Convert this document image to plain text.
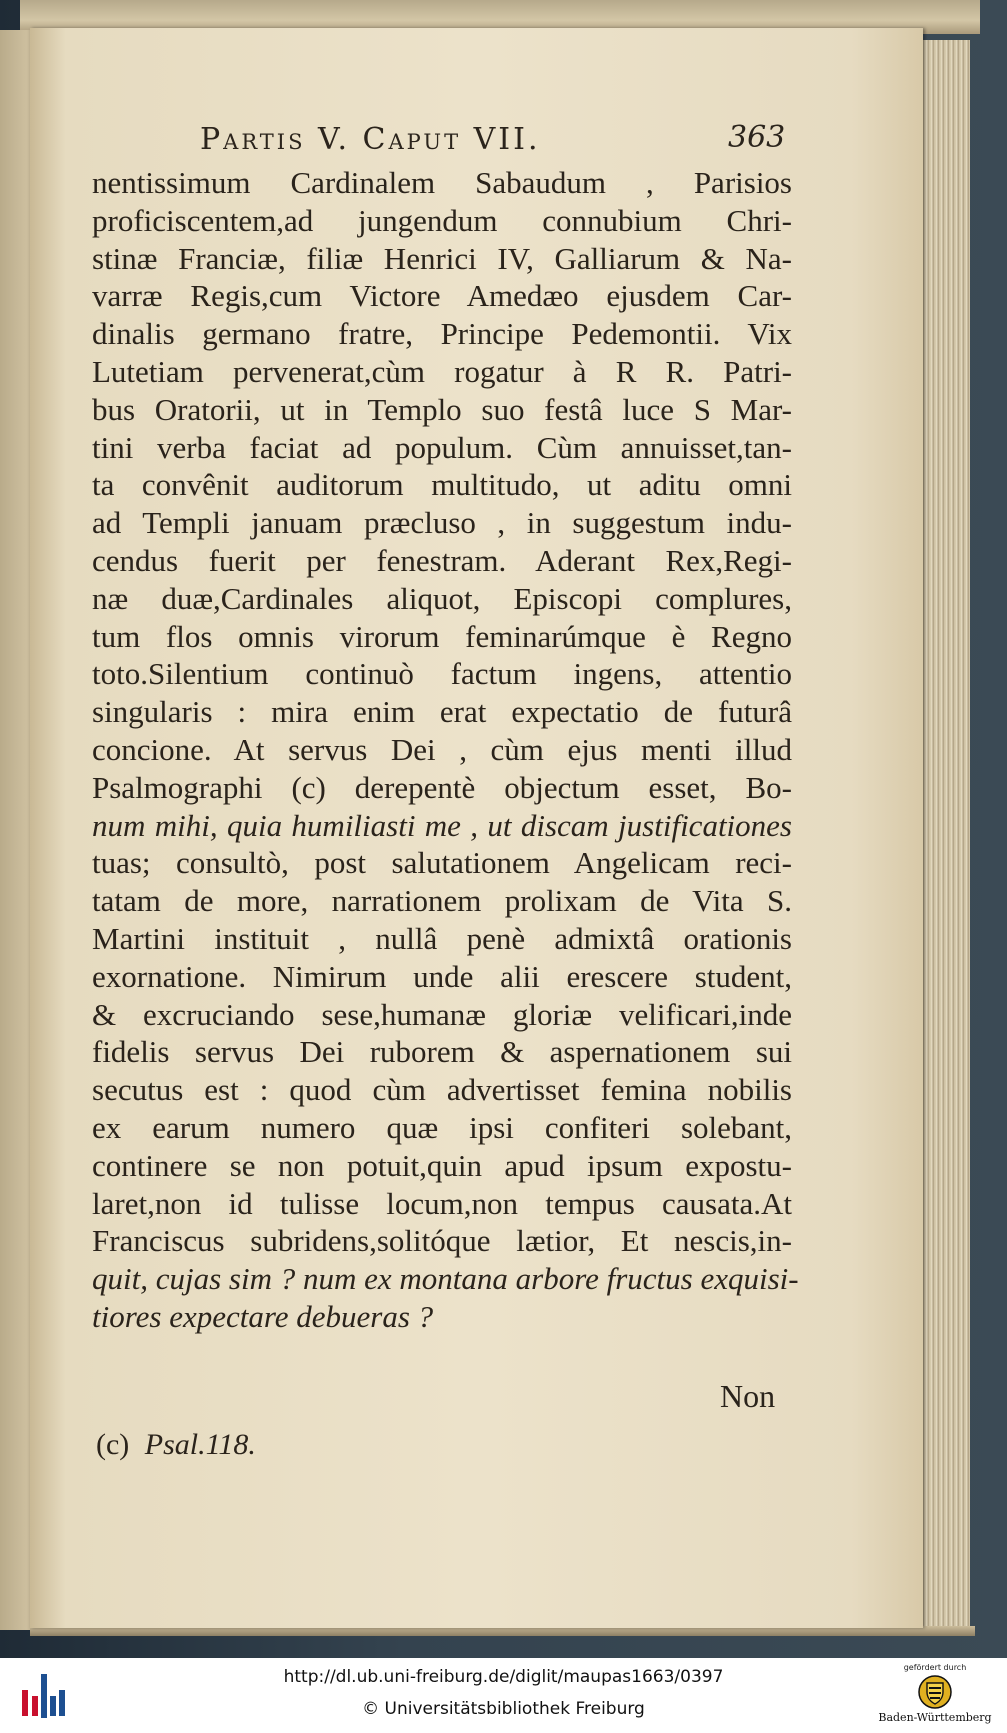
Partis V. Caput VII.	363
nentissimum Cardinalem Sabaudum , Parisios
proficiscentem,ad jungendum connubium Chri-
stinæ Franciæ, filiæ Henrici IV, Galliarum & Na-
varræ Regis,cum Victore Amedæo ejusdem Car-
dinalis germano fratre, Principe Pedemontii. Vix
Lutetiam pervenerat,cùm rogatur à R R. Patri-
bus Oratorii, ut in Templo suo festâ luce S Mar-
tini verba faciat ad populum. Cùm annuisset,tan-
ta convênit auditorum multitudo, ut aditu omni
ad Templi januam præcluso , in suggestum indu-
cendus fuerit per fenestram. Aderant Rex,Regi-
næ duæ,Cardinales aliquot, Episcopi complures,
tum flos omnis virorum feminarúmque è Regno
toto.Silentium continuò factum ingens, attentio
singularis : mira enim erat expectatio de futurâ
concione. At servus Dei , cùm ejus menti illud
Psalmographi (c) derepentè objectum esset, Bo-
num mihi, quia humiliasti me , ut discam justificationes
tuas; consultò, post salutationem Angelicam reci-
tatam de more, narrationem prolixam de Vita S.
Martini instituit , nullâ penè admixtâ orationis
exornatione. Nimirum unde alii erescere student,
& excruciando sese,humanæ gloriæ velificari,inde
fidelis servus Dei ruborem & aspernationem sui
secutus est : quod cùm advertisset femina nobilis
ex earum numero quæ ipsi confiteri solebant,
continere se non potuit,quin apud ipsum expostu-
laret,non id tulisse locum,non tempus causata.At
Franciscus subridens,solitóque lætior, Et nescis,in-
quit, cujas sim ? num ex montana arbore fructus exquisi-
tiores expectare debueras ?
Non
(c) Psal.118.
http://dl.ub.uni-freiburg.de/diglit/maupas1663/0397
© Universitätsbibliothek Freiburg
gefördert durch
Baden-Württemberg
